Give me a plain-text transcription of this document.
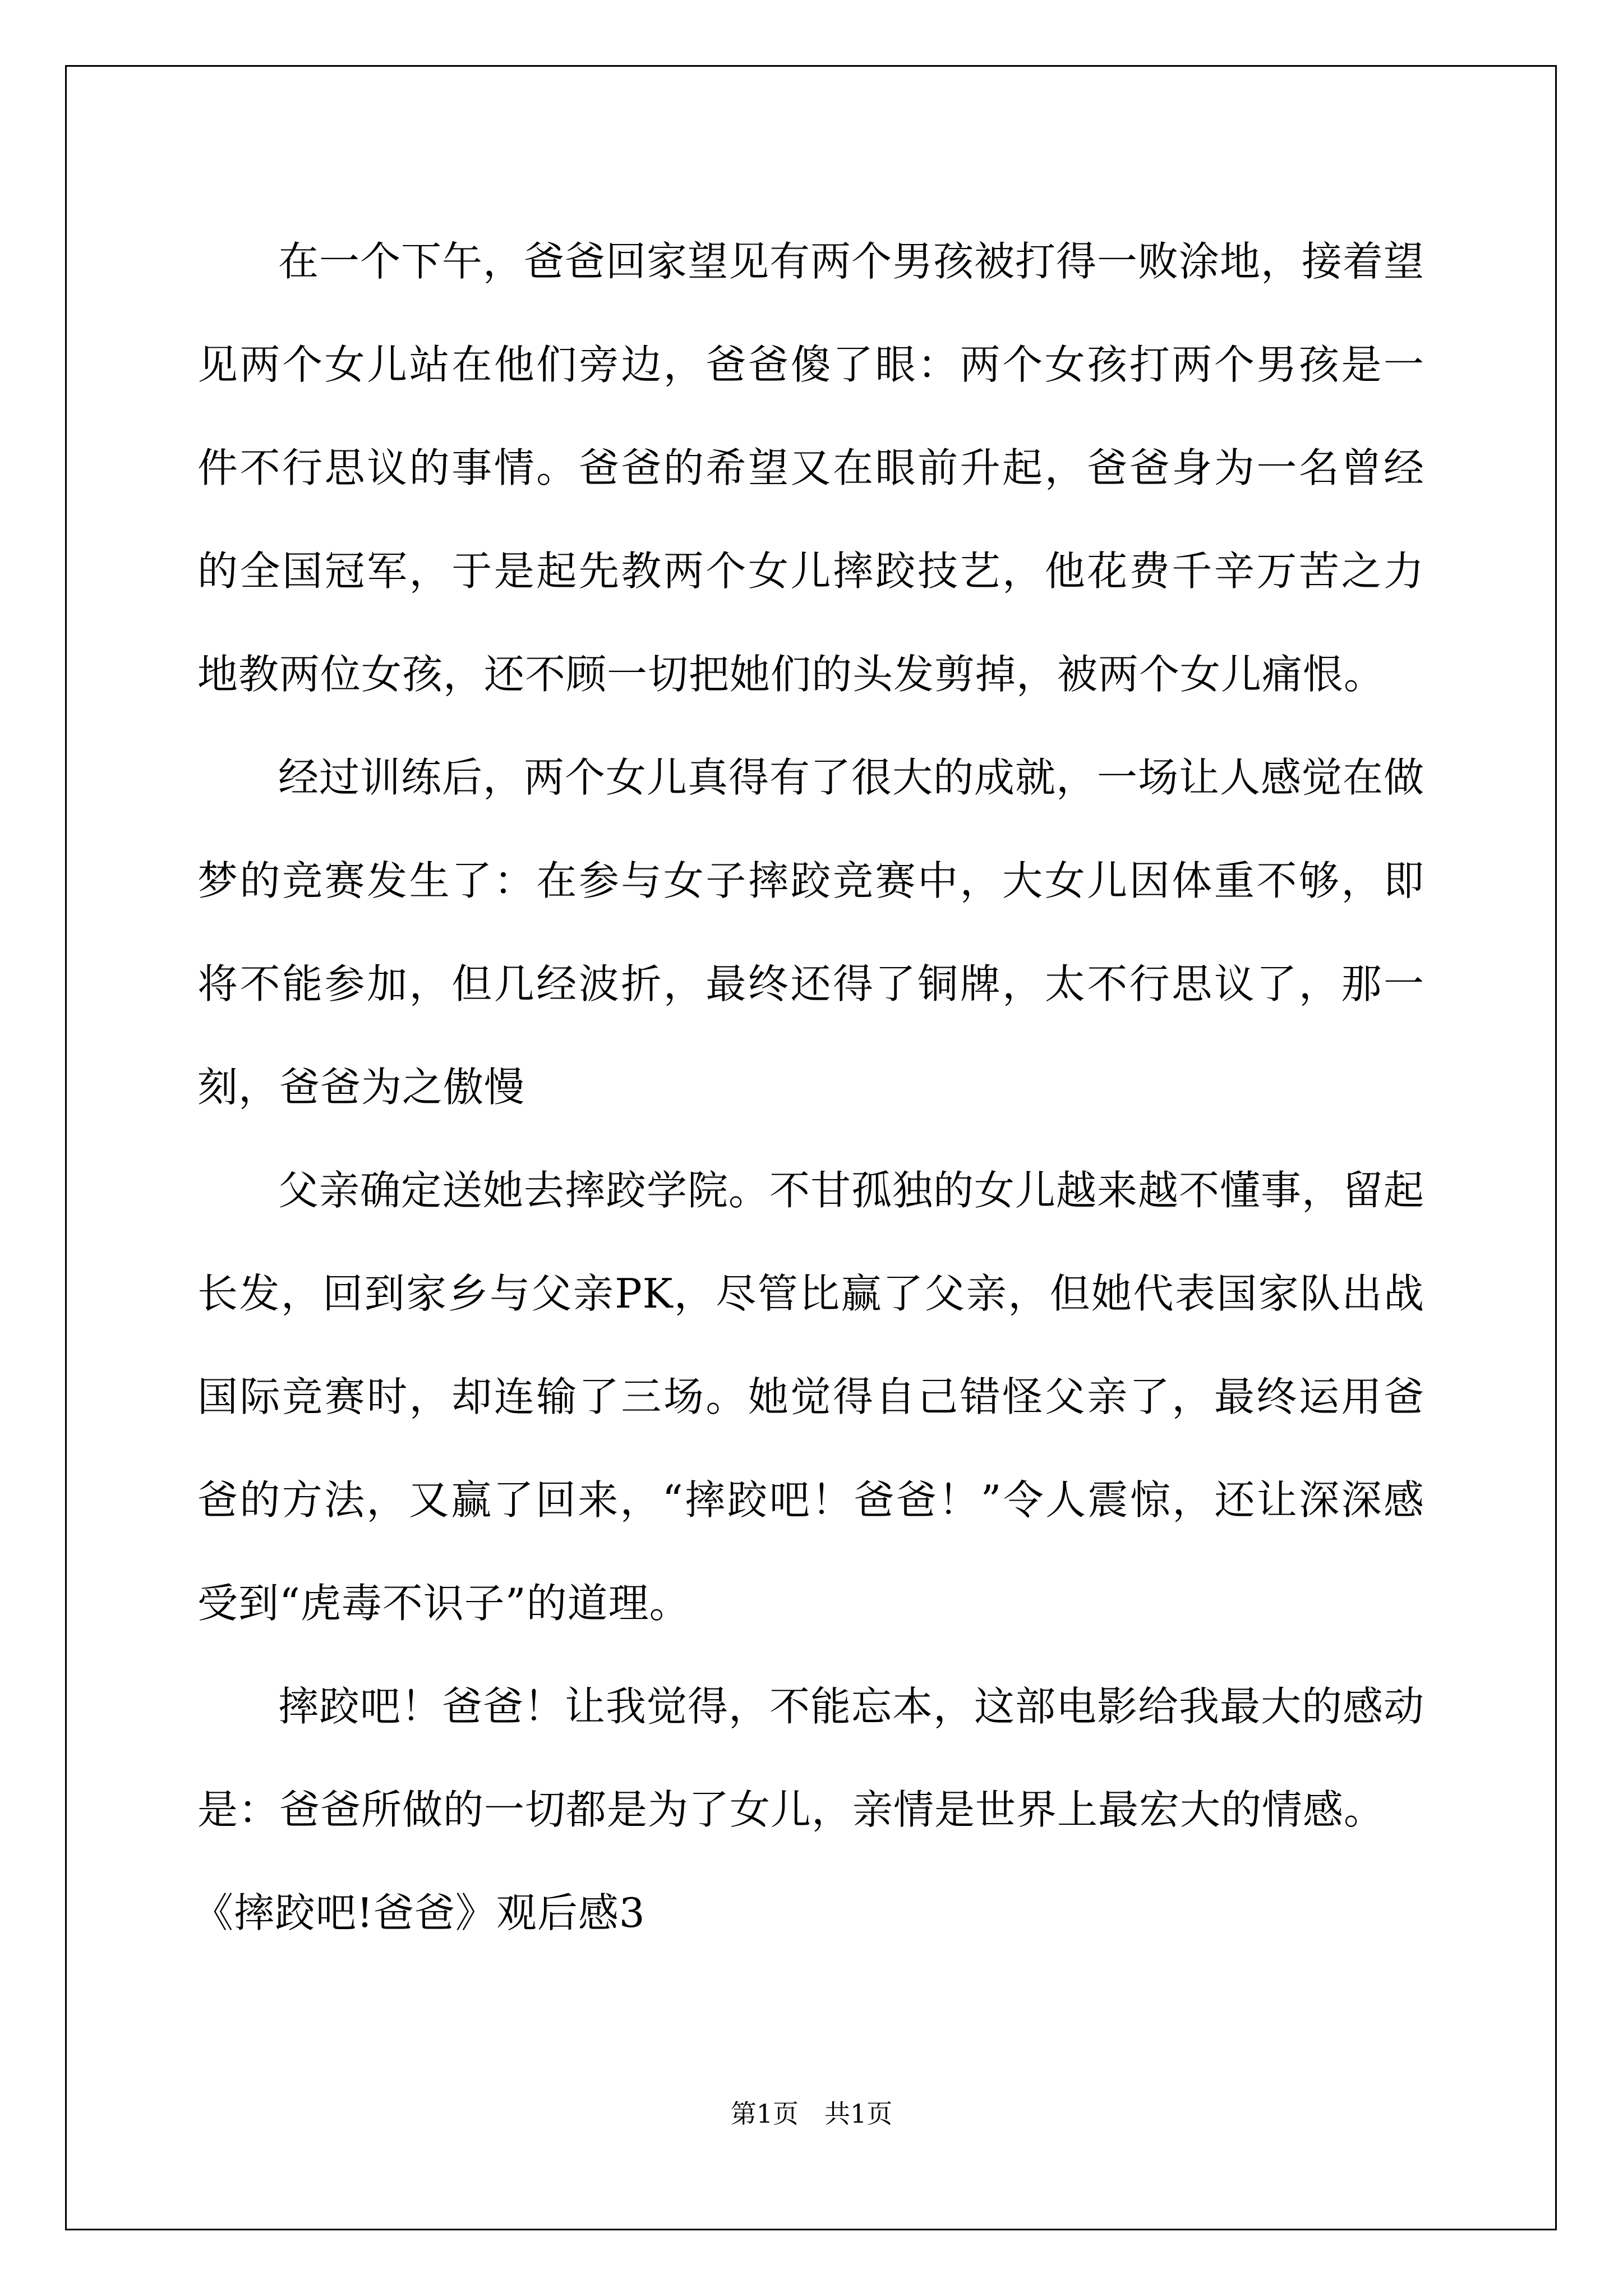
在一个下午，爸爸回家望见有两个男孩被打得一败涂地，接着望见两个女儿站在他们旁边，爸爸傻了眼：两个女孩打两个男孩是一件不行思议的事情。爸爸的希望又在眼前升起，爸爸身为一名曾经的全国冠军，于是起先教两个女儿摔跤技艺，他花费千辛万苦之力地教两位女孩，还不顾一切把她们的头发剪掉，被两个女儿痛恨。

经过训练后，两个女儿真得有了很大的成就，一场让人感觉在做梦的竞赛发生了：在参与女子摔跤竞赛中，大女儿因体重不够，即将不能参加，但几经波折，最终还得了铜牌，太不行思议了，那一刻，爸爸为之傲慢

父亲确定送她去摔跤学院。不甘孤独的女儿越来越不懂事，留起长发，回到家乡与父亲PK，尽管比赢了父亲，但她代表国家队出战国际竞赛时，却连输了三场。她觉得自己错怪父亲了，最终运用爸爸的方法，又赢了回来，“摔跤吧！爸爸！”令人震惊，还让深深感受到“虎毒不识子”的道理。

摔跤吧！爸爸！让我觉得，不能忘本，这部电影给我最大的感动是：爸爸所做的一切都是为了女儿，亲情是世界上最宏大的情感。

《摔跤吧!爸爸》观后感3

第1页　共1页
